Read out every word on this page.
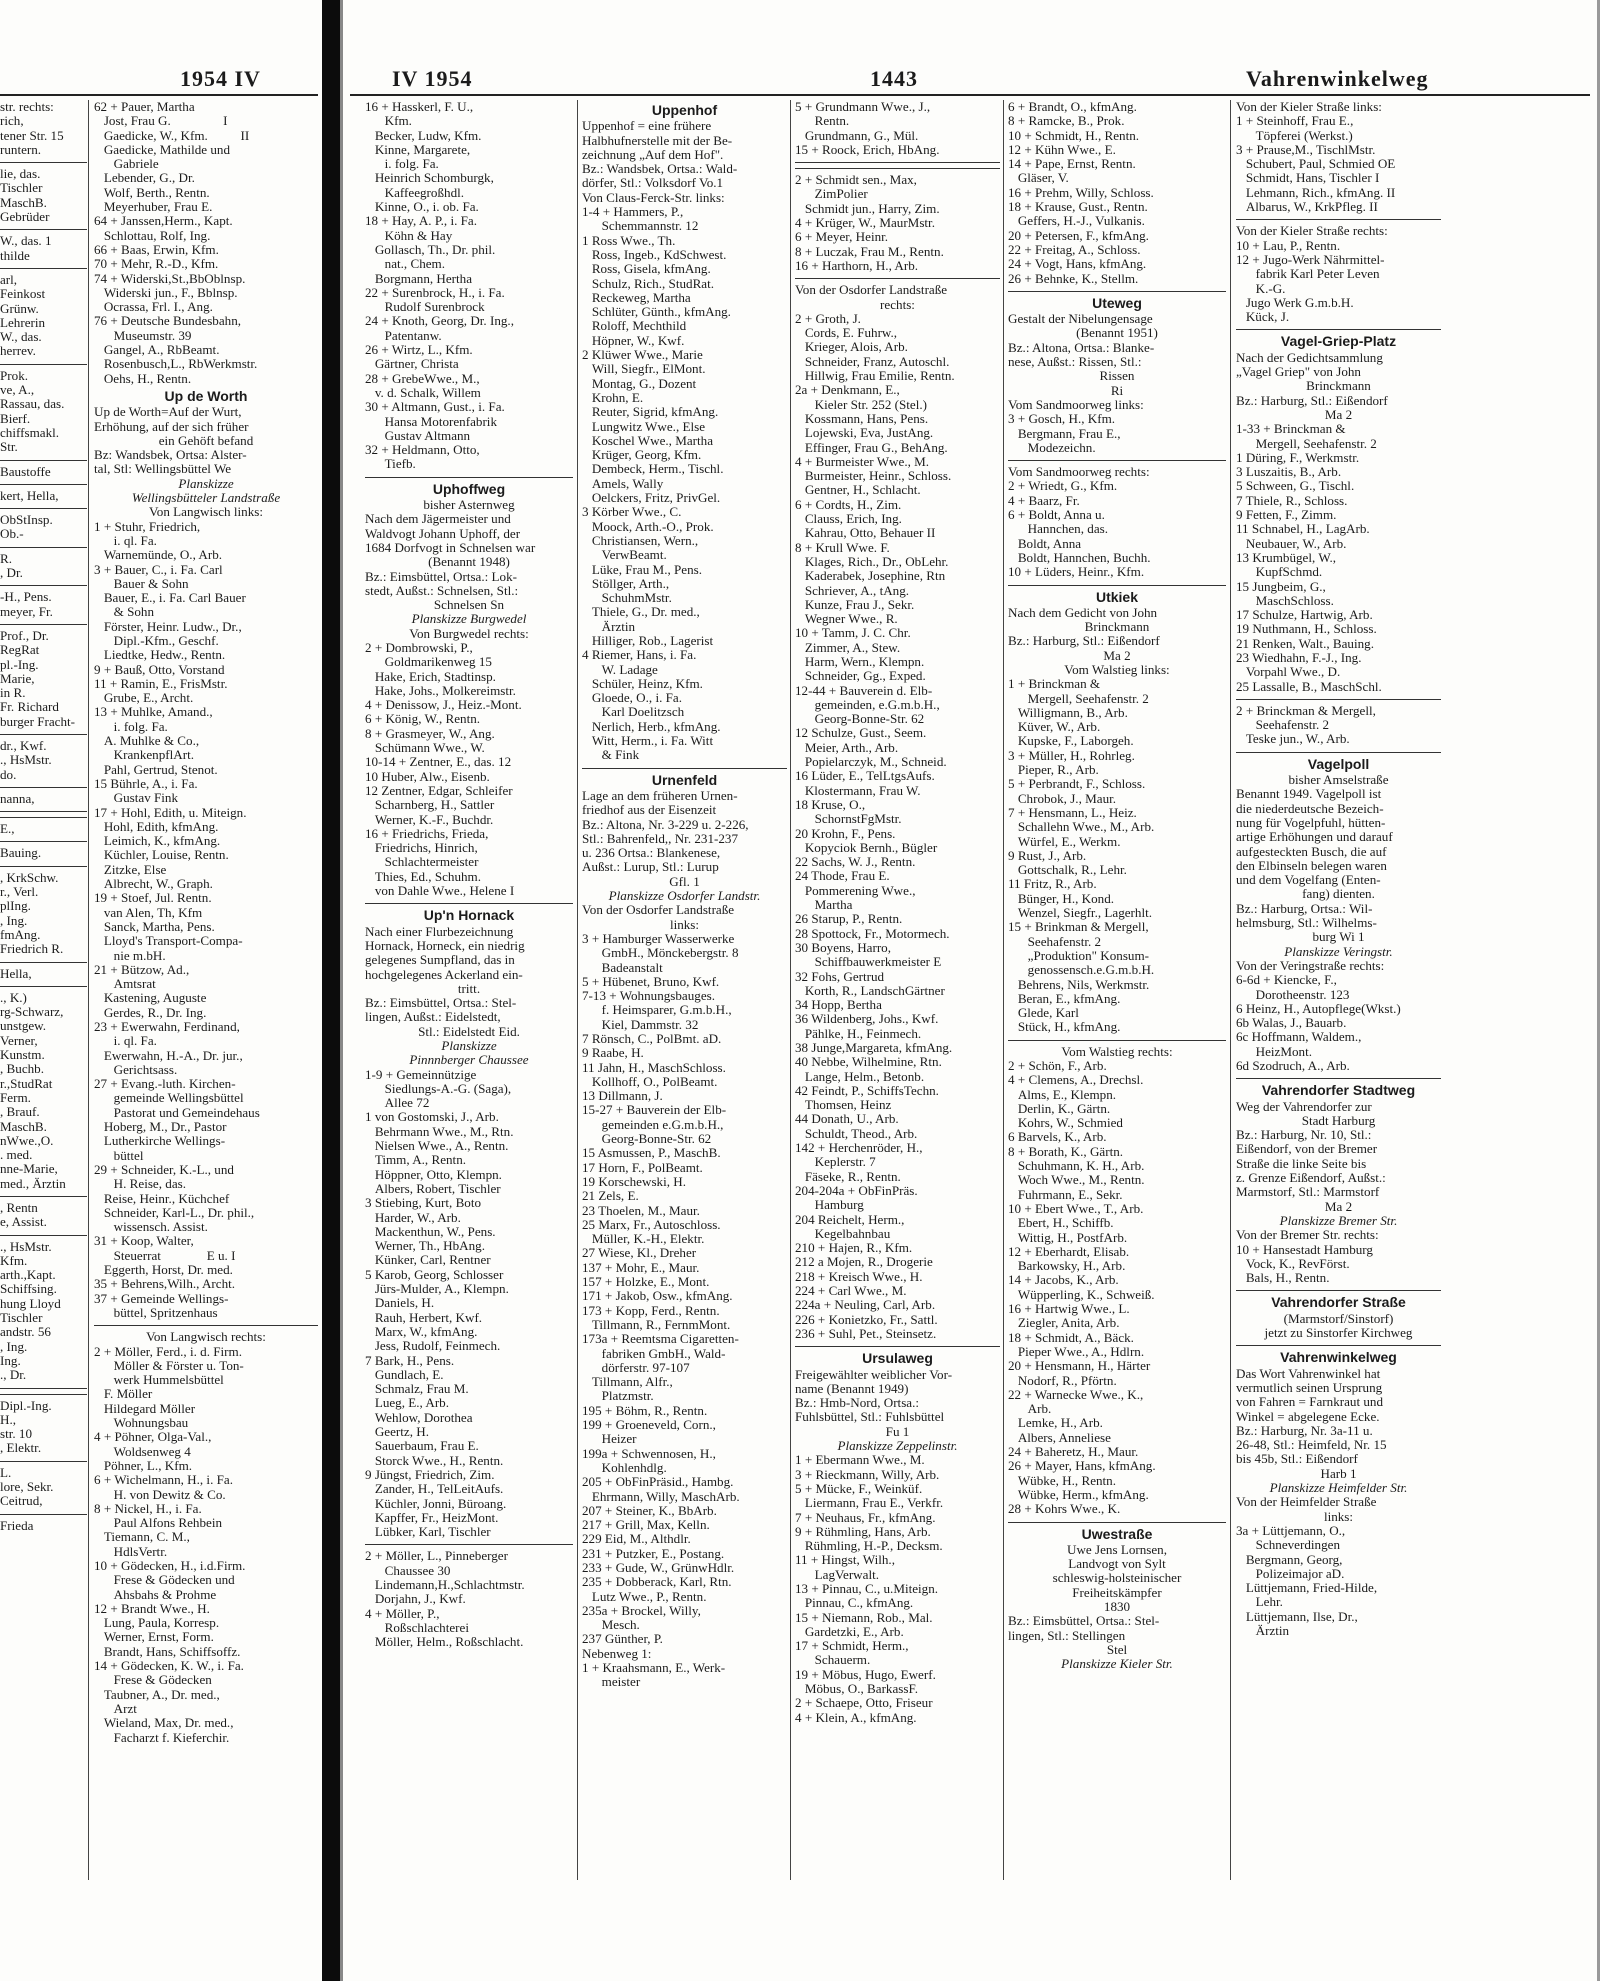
1954 IV	IV 1954	1443	Vahrenwinkelweg
str. rechts:
rich,
tener Str. 15
runtern.
lie, das.
Tischler
MaschB.
Gebrüder
W., das. 1
thilde
arl,
Feinkost
Grünw.
Lehrerin
W., das.
herrev.
Prok.
ve, A.,
Rassau, das.
Bierf.
chiffsmakl.
Str.
Baustoffe
kert, Hella,
ObStInsp.
Ob.-
R.
, Dr.
-H., Pens.
meyer, Fr.
Prof., Dr.
RegRat
pl.-Ing.
Marie,
in R.
Fr. Richard
burger Fracht-
dr., Kwf.
., HsMstr.
do.
nanna,
E.,
Bauing.
, KrkSchw.
r., Verl.
plIng.
, Ing.
fmAng.
Friedrich R.
Hella,
., K.)
rg-Schwarz,
unstgew.
Verner,
Kunstm.
, Buchb.
r.,StudRat
Ferm.
, Brauf.
MaschB.
nWwe.,O.
. med.
nne-Marie,
med., Ärztin
, Rentn
e, Assist.
., HsMstr.
Kfm.
arth.,Kapt.
Schiffsing.
hung Lloyd
Tischler
andstr. 56
, Ing.
Ing.
., Dr.
Dipl.-Ing.
H.,
str. 10
, Elektr.
L.
lore, Sekr.
Ceitrud,
Frieda
62 + Pauer, Martha
Jost, Frau G.                I
Gaedicke, W., Kfm.          II
Gaedicke, Mathilde und
Gabriele
Lebender, G., Dr.
Wolf, Berth., Rentn.
Meyerhuber, Frau E.
64 + Janssen,Herm., Kapt.
Schlottau, Rolf, Ing.
66 + Baas, Erwin, Kfm.
70 + Mehr, R.-D., Kfm.
74 + Widerski,St.,BbOblnsp.
Widerski jun., F., Bblnsp.
Ocrassa, Frl. I., Ang.
76 + Deutsche Bundesbahn,
Museumstr. 39
Gangel, A., RbBeamt.
Rosenbusch,L., RbWerkmstr.
Oehs, H., Rentn.
Up de Worth
Up de Worth=Auf der Wurt,
Erhöhung, auf der sich früher
ein Gehöft befand
Bz: Wandsbek, Ortsa: Alster-
tal, Stl: Wellingsbüttel We
Planskizze
Wellingsbütteler Landstraße
Von Langwisch links:
1 + Stuhr, Friedrich,
i. ql. Fa.
Warnemünde, O., Arb.
3 + Bauer, C., i. Fa. Carl
Bauer & Sohn
Bauer, E., i. Fa. Carl Bauer
& Sohn
Förster, Heinr. Ludw., Dr.,
Dipl.-Kfm., Geschf.
Liedtke, Hedw., Rentn.
9 + Bauß, Otto, Vorstand
11 + Ramin, E., FrisMstr.
Grube, E., Archt.
13 + Muhlke, Amand.,
i. folg. Fa.
A. Muhlke & Co.,
KrankenpflArt.
Pahl, Gertrud, Stenot.
15 Bührle, A., i. Fa.
Gustav Fink
17 + Hohl, Edith, u. Miteign.
Hohl, Edith, kfmAng.
Leimich, K., kfmAng.
Küchler, Louise, Rentn.
Zitzke, Else
Albrecht, W., Graph.
19 + Stoef, Jul. Rentn.
van Alen, Th, Kfm
Sanck, Martha, Pens.
Lloyd's Transport-Compa-
nie m.bH.
21 + Bützow, Ad.,
Amtsrat
Kastening, Auguste
Gerdes, R., Dr. Ing.
23 + Ewerwahn, Ferdinand,
i. ql. Fa.
Ewerwahn, H.-A., Dr. jur.,
Gerichtsass.
27 + Evang.-luth. Kirchen-
gemeinde Wellingsbüttel
Pastorat und Gemeindehaus
Hoberg, M., Dr., Pastor
Lutherkirche Wellings-
büttel
29 + Schneider, K.-L., und
H. Reise, das.
Reise, Heinr., Küchchef
Schneider, Karl-L., Dr. phil.,
wissensch. Assist.
31 + Koop, Walter,
Steuerrat              E u. I
Eggerth, Horst, Dr. med.
35 + Behrens,Wilh., Archt.
37 + Gemeinde Wellings-
büttel, Spritzenhaus
Von Langwisch rechts:
2 + Möller, Ferd., i. d. Firm.
Möller & Förster u. Ton-
werk Hummelsbüttel
F. Möller
Hildegard Möller
Wohnungsbau
4 + Pöhner, Olga-Val.,
Woldsenweg 4
Pöhner, L., Kfm.
6 + Wichelmann, H., i. Fa.
H. von Dewitz & Co.
8 + Nickel, H., i. Fa.
Paul Alfons Rehbein
Tiemann, C. M.,
HdlsVertr.
10 + Gödecken, H., i.d.Firm.
Frese & Gödecken und
Ahsbahs & Prohme
12 + Brandt Wwe., H.
Lung, Paula, Korresp.
Werner, Ernst, Form.
Brandt, Hans, Schiffsoffz.
14 + Gödecken, K. W., i. Fa.
Frese & Gödecken
Taubner, A., Dr. med.,
Arzt
Wieland, Max, Dr. med.,
Facharzt f. Kieferchir.
16 + Hasskerl, F. U.,
Kfm.
Becker, Ludw, Kfm.
Kinne, Margarete,
i. folg. Fa.
Heinrich Schomburgk,
Kaffeegroßhdl.
Kinne, O., i. ob. Fa.
18 + Hay, A. P., i. Fa.
Köhn & Hay
Gollasch, Th., Dr. phil.
nat., Chem.
Borgmann, Hertha
22 + Surenbrock, H., i. Fa.
Rudolf Surenbrock
24 + Knoth, Georg, Dr. Ing.,
Patentanw.
26 + Wirtz, L., Kfm.
Gärtner, Christa
28 + GrebeWwe., M.,
v. d. Schalk, Willem
30 + Altmann, Gust., i. Fa.
Hansa Motorenfabrik
Gustav Altmann
32 + Heldmann, Otto,
Tiefb.
Uphoffweg
bisher Asternweg
Nach dem Jägermeister und
Waldvogt Johann Uphoff, der
1684 Dorfvogt in Schnelsen war
(Benannt 1948)
Bz.: Eimsbüttel, Ortsa.: Lok-
stedt, Außst.: Schnelsen, Stl.:
Schnelsen Sn
Planskizze Burgwedel
Von Burgwedel rechts:
2 + Dombrowski, P.,
Goldmarikenweg 15
Hake, Erich, Stadtinsp.
Hake, Johs., Molkereimstr.
4 + Denissow, J., Heiz.-Mont.
6 + König, W., Rentn.
8 + Grasmeyer, W., Ang.
Schümann Wwe., W.
10-14 + Zentner, E., das. 12
10 Huber, Alw., Eisenb.
12 Zentner, Edgar, Schleifer
Scharnberg, H., Sattler
Werner, K.-F., Buchdr.
16 + Friedrichs, Frieda,
Friedrichs, Hinrich,
Schlachtermeister
Thies, Ed., Schuhm.
von Dahle Wwe., Helene I
Up'n Hornack
Nach einer Flurbezeichnung
Hornack, Horneck, ein niedrig
gelegenes Sumpfland, das in
hochgelegenes Ackerland ein-
tritt.
Bz.: Eimsbüttel, Ortsa.: Stel-
lingen, Außst.: Eidelstedt,
Stl.: Eidelstedt Eid.
Planskizze
Pinnnberger Chaussee
1-9 + Gemeinnützige
Siedlungs-A.-G. (Saga),
Allee 72
1 von Gostomski, J., Arb.
Behrmann Wwe., M., Rtn.
Nielsen Wwe., A., Rentn.
Timm, A., Rentn.
Höppner, Otto, Klempn.
Albers, Robert, Tischler
3 Stiebing, Kurt, Boto
Harder, W., Arb.
Mackenthun, W., Pens.
Werner, Th., HbAng.
Künker, Carl, Rentner
5 Karob, Georg, Schlosser
Jürs-Mulder, A., Klempn.
Daniels, H.
Rauh, Herbert, Kwf.
Marx, W., kfmAng.
Jess, Rudolf, Feinmech.
7 Bark, H., Pens.
Gundlach, E.
Schmalz, Frau M.
Lueg, E., Arb.
Wehlow, Dorothea
Geertz, H.
Sauerbaum, Frau E.
Storck Wwe., H., Rentn.
9 Jüngst, Friedrich, Zim.
Zander, H., TelLeitAufs.
Küchler, Jonni, Büroang.
Kapffer, Fr., HeizMont.
Lübker, Karl, Tischler
2 + Möller, L., Pinneberger
Chaussee 30
Lindemann,H.,Schlachtmstr.
Dorjahn, J., Kwf.
4 + Möller, P.,
Roßschlachterei
Möller, Helm., Roßschlacht.
Uppenhof
Uppenhof = eine frühere
Halbhufnerstelle mit der Be-
zeichnung „Auf dem Hof".
Bz.: Wandsbek, Ortsa.: Wald-
dörfer, Stl.: Volksdorf Vo.1
Von Claus-Ferck-Str. links:
1-4 + Hammers, P.,
Schemmannstr. 12
1 Ross Wwe., Th.
Ross, Ingeb., KdSchwest.
Ross, Gisela, kfmAng.
Schulz, Rich., StudRat.
Reckeweg, Martha
Schlüter, Günth., kfmAng.
Roloff, Mechthild
Höpner, W., Kwf.
2 Klüwer Wwe., Marie
Will, Siegfr., ElMont.
Montag, G., Dozent
Krohn, E.
Reuter, Sigrid, kfmAng.
Lungwitz Wwe., Else
Koschel Wwe., Martha
Krüger, Georg, Kfm.
Dembeck, Herm., Tischl.
Amels, Wally
Oelckers, Fritz, PrivGel.
3 Körber Wwe., C.
Moock, Arth.-O., Prok.
Christiansen, Wern.,
VerwBeamt.
Lüke, Frau M., Pens.
Stöllger, Arth.,
SchuhmMstr.
Thiele, G., Dr. med.,
Ärztin
Hilliger, Rob., Lagerist
4 Riemer, Hans, i. Fa.
W. Ladage
Schüler, Heinz, Kfm.
Gloede, O., i. Fa.
Karl Doelitzsch
Nerlich, Herb., kfmAng.
Witt, Herm., i. Fa. Witt
& Fink
Urnenfeld
Lage an dem früheren Urnen-
friedhof aus der Eisenzeit
Bz.: Altona, Nr. 3-229 u. 2-226,
Stl.: Bahrenfeld,, Nr. 231-237
u. 236 Ortsa.: Blankenese,
Außst.: Lurup, Stl.: Lurup
Gfl. 1
Planskizze Osdorfer Landstr.
Von der Osdorfer Landstraße
links:
3 + Hamburger Wasserwerke
GmbH., Mönckebergstr. 8
Badeanstalt
5 + Hübenet, Bruno, Kwf.
7-13 + Wohnungsbauges.
f. Heimsparer, G.m.b.H.,
Kiel, Dammstr. 32
7 Rönsch, C., PolBmt. aD.
9 Raabe, H.
11 Jahn, H., MaschSchloss.
Kollhoff, O., PolBeamt.
13 Dillmann, J.
15-27 + Bauverein der Elb-
gemeinden e.G.m.b.H.,
Georg-Bonne-Str. 62
15 Asmussen, P., MaschB.
17 Horn, F., PolBeamt.
19 Korschewski, H.
21 Zels, E.
23 Thoelen, M., Maur.
25 Marx, Fr., Autoschloss.
Müller, K.-H., Elektr.
27 Wiese, Kl., Dreher
137 + Mohr, E., Maur.
157 + Holzke, E., Mont.
171 + Jakob, Osw., kfmAng.
173 + Kopp, Ferd., Rentn.
Tillmann, R., FernmMont.
173a + Reemtsma Cigaretten-
fabriken GmbH., Wald-
dörferstr. 97-107
Tillmann, Alfr.,
Platzmstr.
195 + Böhm, R., Rentn.
199 + Groeneveld, Corn.,
Heizer
199a + Schwennosen, H.,
Kohlenhdlg.
205 + ObFinPräsid., Hambg.
Ehrmann, Willy, MaschArb.
207 + Steiner, K., BbArb.
217 + Grill, Max, Kelln.
229 Eid, M., Althdlr.
231 + Putzker, E., Postang.
233 + Gude, W., GrünwHdlr.
235 + Dobberack, Karl, Rtn.
Lutz Wwe., P., Rentn.
235a + Brockel, Willy,
Mesch.
237 Günther, P.
Nebenweg 1:
1 + Kraahsmann, E., Werk-
meister
5 + Grundmann Wwe., J.,
Rentn.
Grundmann, G., Mül.
15 + Roock, Erich, HbAng.
2 + Schmidt sen., Max,
ZimPolier
Schmidt jun., Harry, Zim.
4 + Krüger, W., MaurMstr.
6 + Meyer, Heinr.
8 + Luczak, Frau M., Rentn.
16 + Harthorn, H., Arb.
Von der Osdorfer Landstraße
rechts:
2 + Groth, J.
Cords, E. Fuhrw.,
Krieger, Alois, Arb.
Schneider, Franz, Autoschl.
Hillwig, Frau Emilie, Rentn.
2a + Denkmann, E.,
Kieler Str. 252 (Stel.)
Kossmann, Hans, Pens.
Lojewski, Eva, JustAng.
Effinger, Frau G., BehAng.
4 + Burmeister Wwe., M.
Burmeister, Heinr., Schloss.
Gentner, H., Schlacht.
6 + Cordts, H., Zim.
Clauss, Erich, Ing.
Kahrau, Otto, Behauer II
8 + Krull Wwe. F.
Klages, Rich., Dr., ObLehr.
Kaderabek, Josephine, Rtn
Schriever, A., tAng.
Kunze, Frau J., Sekr.
Wegner Wwe., R.
10 + Tamm, J. C. Chr.
Zimmer, A., Stew.
Harm, Wern., Klempn.
Schneider, Gg., Exped.
12-44 + Bauverein d. Elb-
gemeinden, e.G.m.b.H.,
Georg-Bonne-Str. 62
12 Schulze, Gust., Seem.
Meier, Arth., Arb.
Popielarczyk, M., Schneid.
16 Lüder, E., TelLtgsAufs.
Klostermann, Frau W.
18 Kruse, O.,
SchornstFgMstr.
20 Krohn, F., Pens.
Kopyciok Bernh., Bügler
22 Sachs, W. J., Rentn.
24 Thode, Frau E.
Pommerening Wwe.,
Martha
26 Starup, P., Rentn.
28 Spottock, Fr., Motormech.
30 Boyens, Harro,
Schiffbauwerkmeister E
32 Fohs, Gertrud
Korth, R., LandschGärtner
34 Hopp, Bertha
36 Wildenberg, Johs., Kwf.
Pählke, H., Feinmech.
38 Junge,Margareta, kfmAng.
40 Nebbe, Wilhelmine, Rtn.
Lange, Helm., Betonb.
42 Feindt, P., SchiffsTechn.
Thomsen, Heinz
44 Donath, U., Arb.
Schuldt, Theod., Arb.
142 + Herchenröder, H.,
Keplerstr. 7
Fäseke, R., Rentn.
204-204a + ObFinPräs.
Hamburg
204 Reichelt, Herm.,
Kegelbahnbau
210 + Hajen, R., Kfm.
212 a Mojen, R., Drogerie
218 + Kreisch Wwe., H.
224 + Carl Wwe., M.
224a + Neuling, Carl, Arb.
226 + Konietzko, Fr., Sattl.
236 + Suhl, Pet., Steinsetz.
Ursulaweg
Freigewählter weiblicher Vor-
name (Benannt 1949)
Bz.: Hmb-Nord, Ortsa.:
Fuhlsbüttel, Stl.: Fuhlsbüttel
Fu 1
Planskizze Zeppelinstr.
1 + Ebermann Wwe., M.
3 + Rieckmann, Willy, Arb.
5 + Mücke, F., Weinküf.
Liermann, Frau E., Verkfr.
7 + Neuhaus, Fr., kfmAng.
9 + Rühmling, Hans, Arb.
Rühmling, H.-P., Decksm.
11 + Hingst, Wilh.,
LagVerwalt.
13 + Pinnau, C., u.Miteign.
Pinnau, C., kfmAng.
15 + Niemann, Rob., Mal.
Gardetzki, E., Arb.
17 + Schmidt, Herm.,
Schauerm.
19 + Möbus, Hugo, Ewerf.
Möbus, O., BarkassF.
2 + Schaepe, Otto, Friseur
4 + Klein, A., kfmAng.
6 + Brandt, O., kfmAng.
8 + Ramcke, B., Prok.
10 + Schmidt, H., Rentn.
12 + Kühn Wwe., E.
14 + Pape, Ernst, Rentn.
Gläser, V.
16 + Prehm, Willy, Schloss.
18 + Krause, Gust., Rentn.
Geffers, H.-J., Vulkanis.
20 + Petersen, F., kfmAng.
22 + Freitag, A., Schloss.
24 + Vogt, Hans, kfmAng.
26 + Behnke, K., Stellm.
Uteweg
Gestalt der Nibelungensage
(Benannt 1951)
Bz.: Altona, Ortsa.: Blanke-
nese, Außst.: Rissen, Stl.:
Rissen
Ri
Vom Sandmoorweg links:
3 + Gosch, H., Kfm.
Bergmann, Frau E.,
Modezeichn.
Vom Sandmoorweg rechts:
2 + Wriedt, G., Kfm.
4 + Baarz, Fr.
6 + Boldt, Anna u.
Hannchen, das.
Boldt, Anna
Boldt, Hannchen, Buchh.
10 + Lüders, Heinr., Kfm.
Utkiek
Nach dem Gedicht von John
Brinckmann
Bz.: Harburg, Stl.: Eißendorf
Ma 2
Vom Walstieg links:
1 + Brinckman &
Mergell, Seehafenstr. 2
Willigmann, B., Arb.
Küver, W., Arb.
Kupske, F., Laborgeh.
3 + Müller, H., Rohrleg.
Pieper, R., Arb.
5 + Perbrandt, F., Schloss.
Chrobok, J., Maur.
7 + Hensmann, L., Heiz.
Schallehn Wwe., M., Arb.
Würfel, E., Werkm.
9 Rust, J., Arb.
Gottschalk, R., Lehr.
11 Fritz, R., Arb.
Bünger, H., Kond.
Wenzel, Siegfr., Lagerhlt.
15 + Brinkman & Mergell,
Seehafenstr. 2
„Produktion" Konsum-
genossensch.e.G.m.b.H.
Behrens, Nils, Werkmstr.
Beran, E., kfmAng.
Glede, Karl
Stück, H., kfmAng.
Vom Walstieg rechts:
2 + Schön, F., Arb.
4 + Clemens, A., Drechsl.
Alms, E., Klempn.
Derlin, K., Gärtn.
Kohrs, W., Schmied
6 Barvels, K., Arb.
8 + Borath, K., Gärtn.
Schuhmann, K. H., Arb.
Woch Wwe., M., Rentn.
Fuhrmann, E., Sekr.
10 + Ebert Wwe., T., Arb.
Ebert, H., Schiffb.
Wittig, H., PostfArb.
12 + Eberhardt, Elisab.
Barkowsky, H., Arb.
14 + Jacobs, K., Arb.
Wüpperling, K., Schweiß.
16 + Hartwig Wwe., L.
Ziegler, Anita, Arb.
18 + Schmidt, A., Bäck.
Pieper Wwe., A., Hdlrn.
20 + Hensmann, H., Härter
Nodorf, R., Pförtn.
22 + Warnecke Wwe., K.,
Arb.
Lemke, H., Arb.
Albers, Anneliese
24 + Baheretz, H., Maur.
26 + Mayer, Hans, kfmAng.
Wübke, H., Rentn.
Wübke, Herm., kfmAng.
28 + Kohrs Wwe., K.
Uwestraße
Uwe Jens Lornsen,
Landvogt von Sylt
schleswig-holsteinischer
Freiheitskämpfer
1830
Bz.: Eimsbüttel, Ortsa.: Stel-
lingen, Stl.: Stellingen
Stel
Planskizze Kieler Str.
Von der Kieler Straße links:
1 + Steinhoff, Frau E.,
Töpferei (Werkst.)
3 + Prause,M., TischlMstr.
Schubert, Paul, Schmied OE
Schmidt, Hans, Tischler I
Lehmann, Rich., kfmAng. II
Albarus, W., KrkPfleg. II
Von der Kieler Straße rechts:
10 + Lau, P., Rentn.
12 + Jugo-Werk Nährmittel-
fabrik Karl Peter Leven
K.-G.
Jugo Werk G.m.b.H.
Kück, J.
Vagel-Griep-Platz
Nach der Gedichtsammlung
„Vagel Griep" von John
Brinckmann
Bz.: Harburg, Stl.: Eißendorf
Ma 2
1-33 + Brinckman &
Mergell, Seehafenstr. 2
1 Düring, F., Werkmstr.
3 Luszaitis, B., Arb.
5 Schween, G., Tischl.
7 Thiele, R., Schloss.
9 Fetten, F., Zimm.
11 Schnabel, H., LagArb.
Neubauer, W., Arb.
13 Krumbügel, W.,
KupfSchmd.
15 Jungbeim, G.,
MaschSchloss.
17 Schulze, Hartwig, Arb.
19 Nuthmann, H., Schloss.
21 Renken, Walt., Bauing.
23 Wiedhahn, F.-J., Ing.
Vorpahl Wwe., D.
25 Lassalle, B., MaschSchl.
2 + Brinckman & Mergell,
Seehafenstr. 2
Teske jun., W., Arb.
Vagelpoll
bisher Amselstraße
Benannt 1949. Vagelpoll ist
die niederdeutsche Bezeich-
nung für Vogelpfuhl, hütten-
artige Erhöhungen und darauf
aufgesteckten Busch, die auf
den Elbinseln belegen waren
und dem Vogelfang (Enten-
fang) dienten.
Bz.: Harburg, Ortsa.: Wil-
helmsburg, Stl.: Wilhelms-
burg Wi 1
Planskizze Veringstr.
Von der Veringstraße rechts:
6-6d + Kiencke, F.,
Dorotheenstr. 123
6 Heinz, H., Autopflege(Wkst.)
6b Walas, J., Bauarb.
6c Hoffmann, Waldem.,
HeizMont.
6d Szodruch, A., Arb.
Vahrendorfer Stadtweg
Weg der Vahrendorfer zur
Stadt Harburg
Bz.: Harburg, Nr. 10, Stl.:
Eißendorf, von der Bremer
Straße die linke Seite bis
z. Grenze Eißendorf, Außst.:
Marmstorf, Stl.: Marmstorf
Ma 2
Planskizze Bremer Str.
Von der Bremer Str. rechts:
10 + Hansestadt Hamburg
Vock, K., RevFörst.
Bals, H., Rentn.
Vahrendorfer Straße
(Marmstorf/Sinstorf)
jetzt zu Sinstorfer Kirchweg
Vahrenwinkelweg
Das Wort Vahrenwinkel hat
vermutlich seinen Ursprung
von Fahren = Farnkraut und
Winkel = abgelegene Ecke.
Bz.: Harburg, Nr. 3a-11 u.
26-48, Stl.: Heimfeld, Nr. 15
bis 45b, Stl.: Eißendorf
Harb 1
Planskizze Heimfelder Str.
Von der Heimfelder Straße
links:
3a + Lüttjemann, O.,
Schneverdingen
Bergmann, Georg,
Polizeimajor aD.
Lüttjemann, Fried-Hilde,
Lehr.
Lüttjemann, Ilse, Dr.,
Ärztin
